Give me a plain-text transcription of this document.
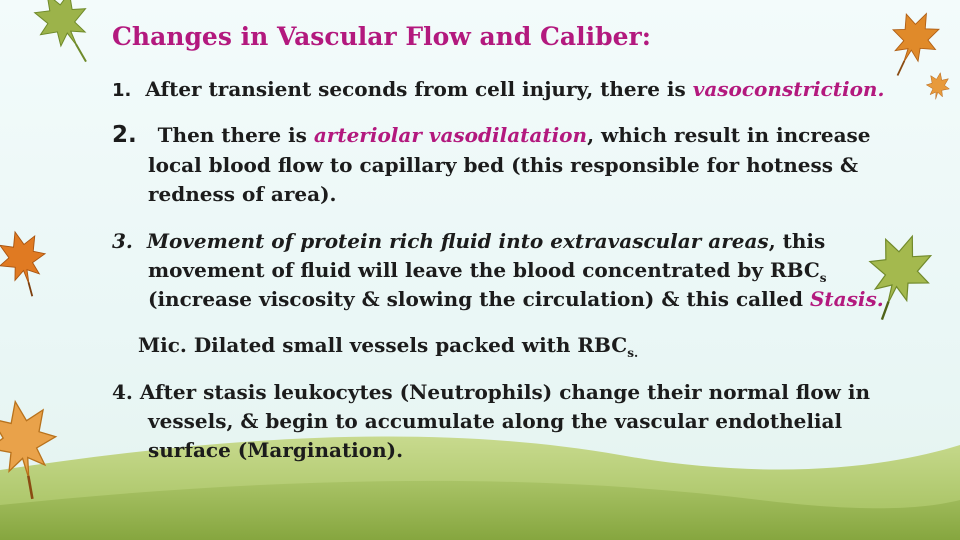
Changes in Vascular Flow and Caliber:
1. After transient seconds from cell injury, there is vasoconstriction.
2. Then there is arteriolar vasodilatation, which result in increase
local blood flow to capillary bed (this responsible for hotness &
redness of area).
3. Movement of protein rich fluid into extravascular areas, this
movement of fluid will leave the blood concentrated by $RBC_s$
(increase viscosity & slowing the circulation) & this called Stasis.
Mic. Dilated small vessels packed with $RBC_{s.}$
4. After stasis leukocytes (Neutrophils) change their normal flow in
vessels, & begin to accumulate along the vascular endothelial
surface (Margination).
